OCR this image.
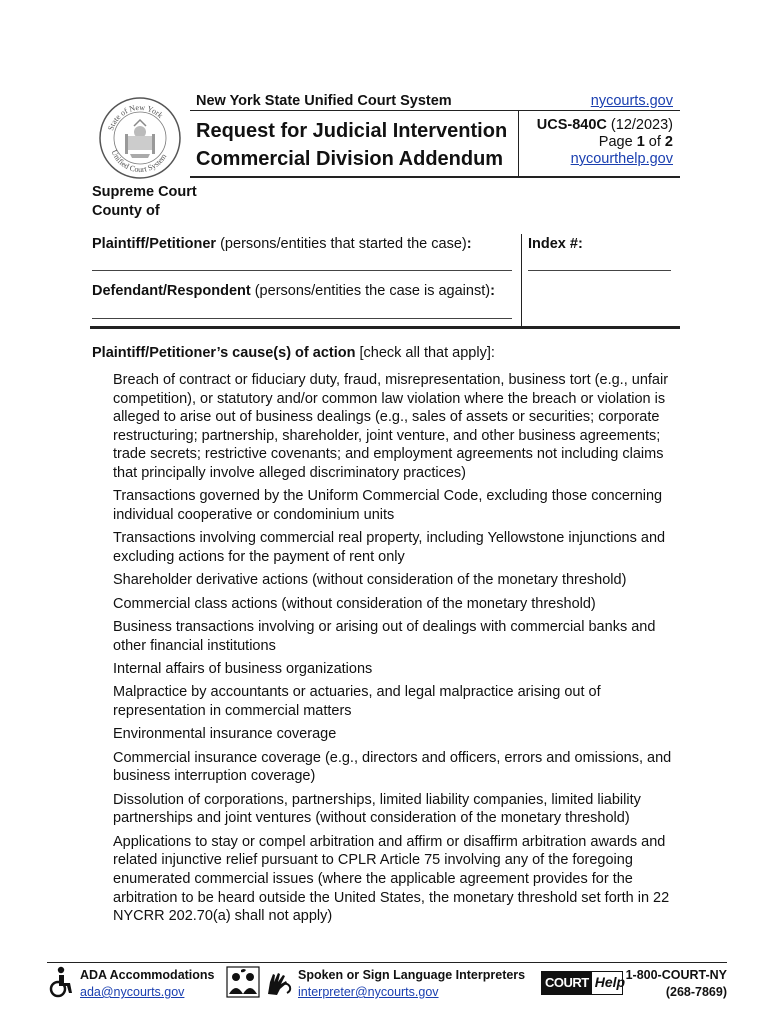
State of New York
Unified Court System
New York State Unified Court System	nycourts.gov
Request for Judicial Intervention
Commercial Division Addendum
UCS-840C (12/2023)
Page 1 of 2
nycourthelp.gov
Supreme Court
County of
Plaintiff/Petitioner (persons/entities that started the case):
Defendant/Respondent (persons/entities the case is against):
Index #:
Plaintiff/Petitioner’s cause(s) of action [check all that apply]:
Breach of contract or fiduciary duty, fraud, misrepresentation, business tort (e.g., unfair competition), or statutory and/or common law violation where the breach or violation is alleged to arise out of business dealings (e.g., sales of assets or securities; corporate restructuring; partnership, shareholder, joint venture, and other business agreements; trade secrets; restrictive covenants; and employment agreements not including claims that principally involve alleged discriminatory practices)
Transactions governed by the Uniform Commercial Code, excluding those concerning individual cooperative or condominium units
Transactions involving commercial real property, including Yellowstone injunctions and excluding actions for the payment of rent only
Shareholder derivative actions (without consideration of the monetary threshold)
Commercial class actions (without consideration of the monetary threshold)
Business transactions involving or arising out of dealings with commercial banks and other financial institutions
Internal affairs of business organizations
Malpractice by accountants or actuaries, and legal malpractice arising out of representation in commercial matters
Environmental insurance coverage
Commercial insurance coverage (e.g., directors and officers, errors and omissions, and business interruption coverage)
Dissolution of corporations, partnerships, limited liability companies, limited liability partnerships and joint ventures (without consideration of the monetary threshold)
Applications to stay or compel arbitration and affirm or disaffirm arbitration awards and related injunctive relief pursuant to CPLR Article 75 involving any of the foregoing enumerated commercial issues (where the applicable agreement provides for the arbitration to be heard outside the United States, the monetary threshold set forth in 22 NYCRR 202.70(a) shall not apply)
ADA Accommodations
ada@nycourts.gov
Spoken or Sign Language Interpreters
interpreter@nycourts.gov
COURT Help 1-800-COURT-NY
(268-7869)
